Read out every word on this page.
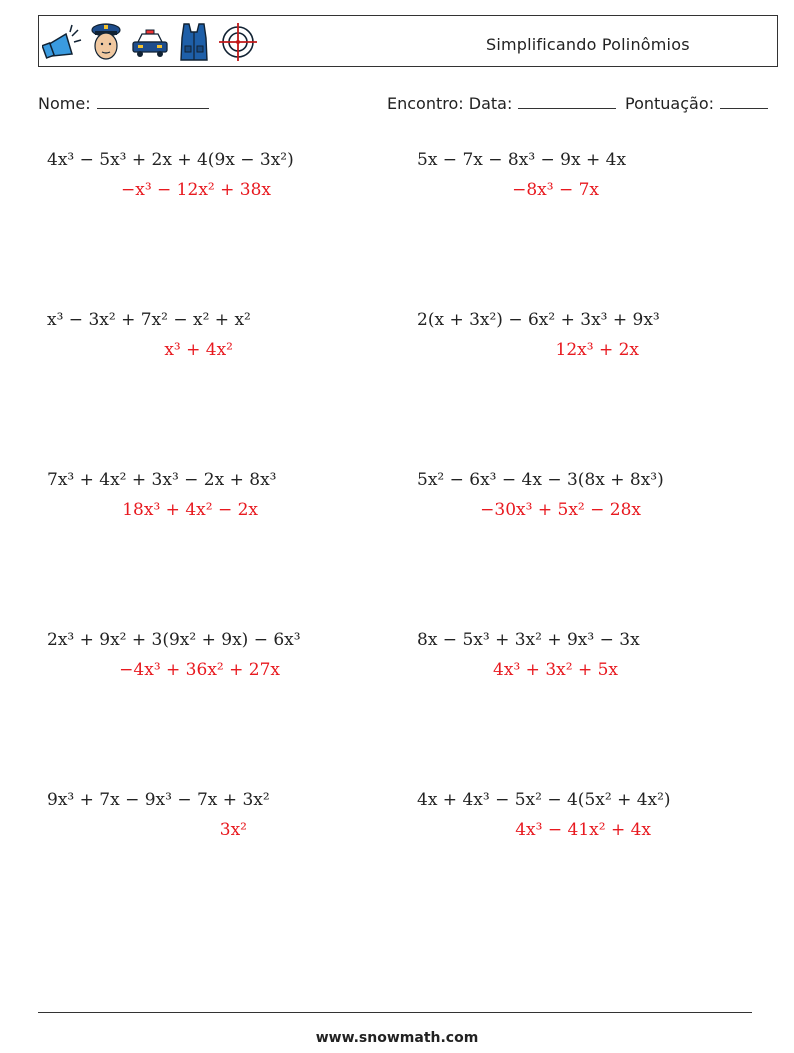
Simplificando Polinômios
Nome:	Encontro: Data:	Pontuação:
4x³ − 5x³ + 2x + 4(9x − 3x²)
−x³ − 12x² + 38x
5x − 7x − 8x³ − 9x + 4x
−8x³ − 7x
x³ − 3x² + 7x² − x² + x²
x³ + 4x²
2(x + 3x²) − 6x² + 3x³ + 9x³
12x³ + 2x
7x³ + 4x² + 3x³ − 2x + 8x³
18x³ + 4x² − 2x
5x² − 6x³ − 4x − 3(8x + 8x³)
−30x³ + 5x² − 28x
2x³ + 9x² + 3(9x² + 9x) − 6x³
−4x³ + 36x² + 27x
8x − 5x³ + 3x² + 9x³ − 3x
4x³ + 3x² + 5x
9x³ + 7x − 9x³ − 7x + 3x²
3x²
4x + 4x³ − 5x² − 4(5x² + 4x²)
4x³ − 41x² + 4x
www.snowmath.com
